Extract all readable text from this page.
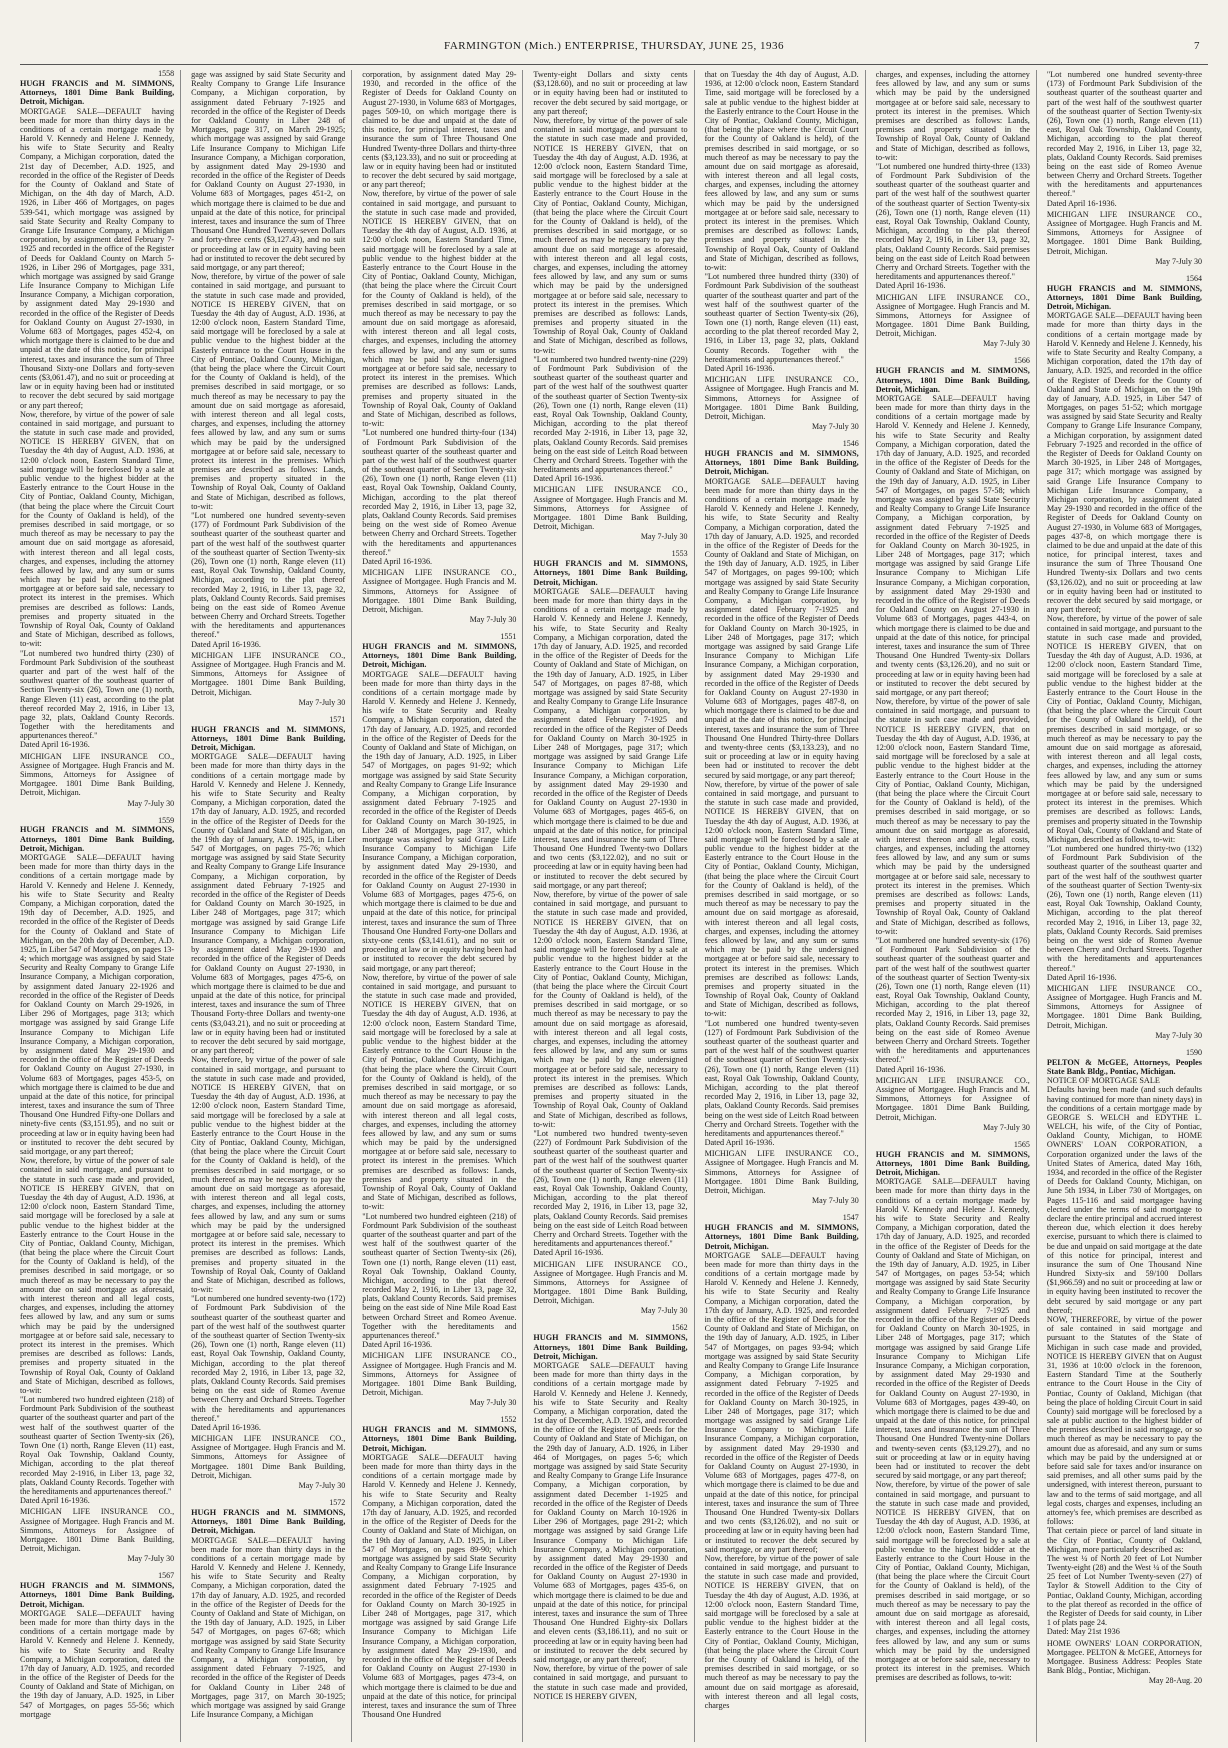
FARMINGTON (Mich.) ENTERPRISE, THURSDAY, JUNE 25, 1936	7
1558
HUGH FRANCIS and M. SIMMONS, Attorneys, 1801 Dime Bank Building, Detroit, Michigan.

MORTGAGE SALE—DEFAULT having been made for more than thirty days in the conditions of a certain mortgage made by Harold V. Kennedy and Helene J. Kennedy, his wife to State Security and Realty Company, a Michigan corporation, dated the 21st day of December, A.D. 1925, and recorded in the office of the Register of Deeds for the County of Oakland and State of Michigan, on the 4th day of March, A.D. 1926, in Liber 466 of Mortgages, on pages 539-541, which mortgage was assigned by said State Security and Realty Company to Grange Life Insurance Company, a Michigan corporation, by assignment dated February 7-1925 and recorded in the office of the Register of Deeds for Oakland County on March 5-1926, in Liber 296 of Mortgages, page 331, which mortgage was assigned by said Grange Life Insurance Company to Michigan Life Insurance Company, a Michigan corporation, by assignment dated May 29-1930 and recorded in the office of the Register of Deeds for Oakland County on August 27-1930, in Volume 683 of Mortgages, pages 452-4, on which mortgage there is claimed to be due and unpaid at the date of this notice, for principal interest, taxes and insurance the sum of Three Thousand Sixty-one Dollars and forty-seven cents ($3,061.47), and no suit or proceeding at law or in equity having been had or instituted to recover the debt secured by said mortgage or any part thereof;
Now, therefore, by virtue of the power of sale contained in said mortgage, and pursuant to the statute in such case made and provided, NOTICE IS HEREBY GIVEN, that on Tuesday the 4th day of August, A.D. 1936, at 12:00 o'clock noon, Eastern Standard Time, said mortgage will be foreclosed by a sale at public vendue to the highest bidder at the Easterly entrance to the Court House in the City of Pontiac, Oakland County, Michigan, (that being the place where the Circuit Court for the County of Oakland is held), of the premises described in said mortgage, or so much thereof as may be necessary to pay the amount due on said mortgage as aforesaid, with interest thereon and all legal costs, charges, and expenses, including the attorney fees allowed by law, and any sum or sums which may be paid by the undersigned mortgagee at or before said sale, necessary to protect its interest in the premises. Which premises are described as follows: Lands, premises and property situated in the Township of Royal Oak, County of Oakland and State of Michigan, described as follows, to-wit:
"Lot numbered two hundred thirty (230) of Fordmount Park Subdivision of the southeast quarter and part of the west half of the southwest quarter of the southeast quarter of Section Twenty-six (26), Town one (1) north, Range Eleven (11) east, according to the plat thereof recorded May 2, 1916, in Liber 13, page 32, plats, Oakland County Records. Together with the hereditaments and appurtenances thereof."
Dated April 16-1936.

MICHIGAN LIFE INSURANCE CO., Assignee of Mortgagee. Hugh Francis and M. Simmons, Attorneys for Assignee of Mortgagee. 1801 Dime Bank Building, Detroit, Michigan.

May 7-July 30
1559
HUGH FRANCIS and M. SIMMONS, Attorneys, 1801 Dime Bank Building, Detroit, Michigan.

MORTGAGE SALE—DEFAULT having been made for more than thirty days in the conditions of a certain mortgage made by Harold V. Kennedy and Helene J. Kennedy, his wife to State Security and Realty Company, a Michigan corporation, dated the 19th day of December, A.D. 1925, and recorded in the office of the Register of Deeds for the County of Oakland and State of Michigan, on the 20th day of December, A.D. 1925, in Liber 547 of Mortgages, on pages 13-4; which mortgage was assigned by said State Security and Realty Company to Grange Life Insurance Company, a Michigan corporation, by assignment dated January 22-1926 and recorded in the office of the Register of Deeds for Oakland County on March 29-1926, in Liber 296 of Mortgages, page 313; which mortgage was assigned by said Grange Life Insurance Company to Michigan Life Insurance Company, a Michigan corporation, by assignment dated May 29-1930 and recorded in the office of the Register of Deeds for Oakland County on August 27-1930, in Volume 683 of Mortgages, pages 453-5, on which mortgage there is claimed to be due and unpaid at the date of this notice, for principal interest, taxes and insurance the sum of Three Thousand One Hundred Fifty-one Dollars and ninety-five cents ($3,151.95), and no suit or proceeding at law or in equity having been had or instituted to recover the debt secured by said mortgage, or any part thereof;
Now, therefore, by virtue of the power of sale contained in said mortgage, and pursuant to the statute in such case made and provided, NOTICE IS HEREBY GIVEN, that on Tuesday the 4th day of August, A.D. 1936, at 12:00 o'clock noon, Eastern Standard Time, said mortgage will be foreclosed by a sale at public vendue to the highest bidder at the Easterly entrance to the Court House in the City of Pontiac, Oakland County, Michigan, (that being the place where the Circuit Court for the County of Oakland is held), of the premises described in said mortgage, or so much thereof as may be necessary to pay the amount due on said mortgage as aforesaid, with interest thereon and all legal costs, charges, and expenses, including the attorney fees allowed by law, and any sum or sums which may be paid by the undersigned mortgagee at or before said sale, necessary to protect its interest in the premises. Which premises are described as follows: Lands, premises and property situated in the Township of Royal Oak, County of Oakland and State of Michigan, described as follows, to-wit:
"Lot numbered two hundred eighteen (218) of Fordmount Park Subdivision of the southeast quarter of the southeast quarter and part of the west half of the southwest quarter of the southeast quarter of Section Twenty-six (26), Town One (1) north, Range Eleven (11) east, Royal Oak Township, Oakland County, Michigan, according to the plat thereof recorded May 2-1916, in Liber 13, page 32, plats, Oakland County Records. Together with the hereditaments and appurtenances thereof."
Dated April 16-1936.

MICHIGAN LIFE INSURANCE CO., Assignee of Mortgagee. Hugh Francis and M. Simmons, Attorneys for Assignee of Mortgagee. 1801 Dime Bank Building, Detroit, Michigan.

May 7-July 30
1567
HUGH FRANCIS and M. SIMMONS, Attorneys, 1801 Dime Bank Building, Detroit, Michigan.

MORTGAGE SALE—DEFAULT having been made for more than thirty days in the conditions of a certain mortgage made by Harold V. Kennedy and Helene J. Kennedy, his wife to State Security and Realty Company, a Michigan corporation, dated the 17th day of January, A.D. 1925, and recorded in the office of the Register of Deeds for the County of Oakland and State of Michigan, on the 19th day of January, A.D. 1925, in Liber 547 of Mortgages, on pages 55-56; which mortgage

gage was assigned by said State Security and Realty Company to Grange Life Insurance Company, a Michigan corporation, by assignment dated February 7-1925 and recorded in the office of the Register of Deeds for Oakland County in Liber 248 of Mortgages, page 317, on March 29-1925; which mortgage was assigned by said Grange Life Insurance Company to Michigan Life Insurance Company, a Michigan corporation, by assignment dated May 29-1930 and recorded in the office of the Register of Deeds for Oakland County on August 27-1930, in Volume 683 of Mortgages, pages 451-2, on which mortgage there is claimed to be due and unpaid at the date of this notice, for principal interest, taxes and insurance the sum of Three Thousand One Hundred Twenty-seven Dollars and forty-three cents ($3,127.43), and no suit or proceeding at law or in equity having been had or instituted to recover the debt secured by said mortgage, or any part thereof;
Now, therefore, by virtue of the power of sale contained in said mortgage, and pursuant to the statute in such case made and provided, NOTICE IS HEREBY GIVEN, that on Tuesday the 4th day of August, A.D. 1936, at 12:00 o'clock noon, Eastern Standard Time, said mortgage will be foreclosed by a sale at public vendue to the highest bidder at the Easterly entrance to the Court House in the City of Pontiac, Oakland County, Michigan, (that being the place where the Circuit Court for the County of Oakland is held), of the premises described in said mortgage, or so much thereof as may be necessary to pay the amount due on said mortgage as aforesaid, with interest thereon and all legal costs, charges, and expenses, including the attorney fees allowed by law, and any sum or sums which may be paid by the undersigned mortgagee at or before said sale, necessary to protect its interest in the premises. Which premises are described as follows: Lands, premises and property situated in the Township of Royal Oak, County of Oakland and State of Michigan, described as follows, to-wit:
"Lot numbered one hundred seventy-seven (177) of Fordmount Park Subdivision of the southeast quarter of the southeast quarter and part of the west half of the southwest quarter of the southeast quarter of Section Twenty-six (26), Town one (1) north, Range eleven (11) east, Royal Oak Township, Oakland County, Michigan, according to the plat thereof recorded May 2, 1916, in Liber 13, page 32, plats, Oakland County Records. Said premises being on the east side of Romeo Avenue between Cherry and Orchard Streets. Together with the hereditaments and appurtenances thereof."
Dated April 16-1936.

MICHIGAN LIFE INSURANCE CO., Assignee of Mortgagee. Hugh Francis and M. Simmons, Attorneys for Assignee of Mortgagee. 1801 Dime Bank Building, Detroit, Michigan.

May 7-July 30
1571
HUGH FRANCIS and M. SIMMONS, Attorneys, 1801 Dime Bank Building, Detroit, Michigan.

MORTGAGE SALE—DEFAULT having been made for more than thirty days in the conditions of a certain mortgage made by Harold V. Kennedy and Helene J. Kennedy, his wife to State Security and Realty Company, a Michigan corporation, dated the 17th day of January, A.D. 1925, and recorded in the office of the Register of Deeds for the County of Oakland and State of Michigan, on the 19th day of January, A.D. 1925, in Liber 547 of Mortgages, on pages 75-76; which mortgage was assigned by said State Security and Realty Company to Grange Life Insurance Company, a Michigan corporation, by assignment dated February 7-1925 and recorded in the office of the Register of Deeds for Oakland County on March 30-1925, in Liber 248 of Mortgages, page 317; which mortgage was assigned by said Grange Life Insurance Company to Michigan Life Insurance Company, a Michigan corporation, by assignment dated May 29-1930 and recorded in the office of the Register of Deeds for Oakland County on August 27-1930, in Volume 683 of Mortgages, pages 475-6, on which mortgage there is claimed to be due and unpaid at the date of this notice, for principal interest, taxes and insurance the sum of Three Thousand Forty-three Dollars and twenty-one cents ($3,043.21), and no suit or proceeding at law or in equity having been had or instituted to recover the debt secured by said mortgage, or any part thereof;
Now, therefore, by virtue of the power of sale contained in said mortgage, and pursuant to the statute in such case made and provided, NOTICE IS HEREBY GIVEN, that on Tuesday the 4th day of August, A.D. 1936, at 12:00 o'clock noon, Eastern Standard Time, said mortgage will be foreclosed by a sale at public vendue to the highest bidder at the Easterly entrance to the Court House in the City of Pontiac, Oakland County, Michigan, (that being the place where the Circuit Court for the County of Oakland is held), of the premises described in said mortgage, or so much thereof as may be necessary to pay the amount due on said mortgage as aforesaid, with interest thereon and all legal costs, charges, and expenses, including the attorney fees allowed by law, and any sum or sums which may be paid by the undersigned mortgagee at or before said sale, necessary to protect its interest in the premises. Which premises are described as follows: Lands, premises and property situated in the Township of Royal Oak, County of Oakland and State of Michigan, described as follows, to-wit:
"Lot numbered one hundred seventy-two (172) of Fordmount Park Subdivision of the southeast quarter of the southeast quarter and part of the west half of the southwest quarter of the southeast quarter of Section Twenty-six (26), Town one (1) north, Range eleven (11) east, Royal Oak Township, Oakland County, Michigan, according to the plat thereof recorded May 2, 1916, in Liber 13, page 32, plats, Oakland County Records. Said premises being on the east side of Romeo Avenue between Cherry and Orchard Streets. Together with the hereditaments and appurtenances thereof."
Dated April 16-1936.

MICHIGAN LIFE INSURANCE CO., Assignee of Mortgagee. Hugh Francis and M. Simmons, Attorneys for Assignee of Mortgagee. 1801 Dime Bank Building, Detroit, Michigan.

May 7-July 30
1572
HUGH FRANCIS and M. SIMMONS, Attorneys, 1801 Dime Bank Building, Detroit, Michigan.

MORTGAGE SALE—DEFAULT having been made for more than thirty days in the conditions of a certain mortgage made by Harold V. Kennedy and Helene J. Kennedy, his wife to State Security and Realty Company, a Michigan corporation, dated the 17th day of January, A.D. 1925, and recorded in the office of the Register of Deeds for the County of Oakland and State of Michigan, on the 19th day of January, A.D. 1925, in Liber 547 of Mortgages, on pages 67-68; which mortgage was assigned by said State Security and Realty Company to Grange Life Insurance Company, a Michigan corporation, by assignment dated February 7-1925, and recorded in the office of the Register of Deeds for Oakland County in Liber 248 of Mortgages, page 317, on March 30-1925; which mortgage was assigned by said Grange Life Insurance Company, a Michigan

corporation, by assignment dated May 29-1930, and recorded in the office of the Register of Deeds for Oakland County on August 27-1930, in Volume 683 of Mortgages, pages 509-10, on which mortgage there is claimed to be due and unpaid at the date of this notice, for principal interest, taxes and insurance the sum of Three Thousand One Hundred Twenty-three Dollars and thirty-three cents ($3,123.33), and no suit or proceeding at law or in equity having been had or instituted to recover the debt secured by said mortgage, or any part thereof;
Now, therefore, by virtue of the power of sale contained in said mortgage, and pursuant to the statute in such case made and provided, NOTICE IS HEREBY GIVEN, that on Tuesday the 4th day of August, A.D. 1936, at 12:00 o'clock noon, Eastern Standard Time, said mortgage will be foreclosed by a sale at public vendue to the highest bidder at the Easterly entrance to the Court House in the City of Pontiac, Oakland County, Michigan, (that being the place where the Circuit Court for the County of Oakland is held), of the premises described in said mortgage, or so much thereof as may be necessary to pay the amount due on said mortgage as aforesaid, with interest thereon and all legal costs, charges, and expenses, including the attorney fees allowed by law, and any sum or sums which may be paid by the undersigned mortgagee at or before said sale, necessary to protect its interest in the premises. Which premises are described as follows: Lands, premises and property situated in the Township of Royal Oak, County of Oakland and State of Michigan, described as follows, to-wit:
"Lot numbered one hundred thirty-four (134) of Fordmount Park Subdivision of the southeast quarter of the southeast quarter and part of the west half of the southwest quarter of the southeast quarter of Section Twenty-six (26), Town one (1) north, Range eleven (11) east, Royal Oak Township, Oakland County, Michigan, according to the plat thereof recorded May 2, 1916, in Liber 13, page 32, plats, Oakland County Records. Said premises being on the west side of Romeo Avenue between Cherry and Orchard Streets. Together with the hereditaments and appurtenances thereof."
Dated April 16-1936.

MICHIGAN LIFE INSURANCE CO., Assignee of Mortgagee. Hugh Francis and M. Simmons, Attorneys for Assignee of Mortgagee. 1801 Dime Bank Building, Detroit, Michigan.

May 7-July 30
1551
HUGH FRANCIS and M. SIMMONS, Attorneys, 1801 Dime Bank Building, Detroit, Michigan.

MORTGAGE SALE—DEFAULT having been made for more than thirty days in the conditions of a certain mortgage made by Harold V. Kennedy and Helene J. Kennedy, his wife to State Security and Realty Company, a Michigan corporation, dated the 17th day of January, A.D. 1925, and recorded in the office of the Register of Deeds for the County of Oakland and State of Michigan, on the 19th day of January, A.D. 1925, in Liber 547 of Mortgages, on pages 91-92; which mortgage was assigned by said State Security and Realty Company to Grange Life Insurance Company, a Michigan corporation, by assignment dated February 7-1925 and recorded in the office of the Register of Deeds for Oakland County on March 30-1925, in Liber 248 of Mortgages, page 317, which mortgage was assigned by said Grange Life Insurance Company to Michigan Life Insurance Company, a Michigan corporation, by assignment dated May 29-1930, and recorded in the office of the Register of Deeds for Oakland County on August 27-1930 in Volume 683 of Mortgages, pages 475-6, on which mortgage there is claimed to be due and unpaid at the date of this notice, for principal interest, taxes and insurance the sum of Three Thousand One Hundred Forty-one Dollars and sixty-one cents ($3,141.61), and no suit or proceeding at law or in equity having been had or instituted to recover the debt secured by said mortgage, or any part thereof;
Now, therefore, by virtue of the power of sale contained in said mortgage, and pursuant to the statute in such case made and provided, NOTICE IS HEREBY GIVEN, that on Tuesday the 4th day of August, A.D. 1936, at 12:00 o'clock noon, Eastern Standard Time, said mortgage will be foreclosed by a sale at public vendue to the highest bidder at the Easterly entrance to the Court House in the City of Pontiac, Oakland County, Michigan, (that being the place where the Circuit Court for the County of Oakland is held), of the premises described in said mortgage, or so much thereof as may be necessary to pay the amount due on said mortgage as aforesaid, with interest thereon and all legal costs, charges, and expenses, including the attorney fees allowed by law, and any sum or sums which may be paid by the undersigned mortgagee at or before said sale, necessary to protect its interest in the premises. Which premises are described as follows: Lands, premises and property situated in the Township of Royal Oak, County of Oakland and State of Michigan, described as follows, to-wit:
"Lot numbered two hundred eighteen (218) of Fordmount Park Subdivision of the southeast quarter of the southeast quarter and part of the west half of the southwest quarter of the southeast quarter of Section Twenty-six (26), Town one (1) north, Range eleven (11) east, Royal Oak Township, Oakland County, Michigan, according to the plat thereof recorded May 2, 1916, in Liber 13, page 32, plats, Oakland County Records. Said premises being on the east side of Nine Mile Road East between Orchard Street and Romeo Avenue. Together with the hereditaments and appurtenances thereof."
Dated April 16-1936.

MICHIGAN LIFE INSURANCE CO., Assignee of Mortgagee. Hugh Francis and M. Simmons, Attorneys for Assignee of Mortgagee. 1801 Dime Bank Building, Detroit, Michigan.

May 7-July 30
1552
HUGH FRANCIS and M. SIMMONS, Attorneys, 1801 Dime Bank Building, Detroit, Michigan.

MORTGAGE SALE—DEFAULT having been made for more than thirty days in the conditions of a certain mortgage made by Harold V. Kennedy and Helene J. Kennedy, his wife to State Security and Realty Company, a Michigan corporation, dated the 17th day of January, A.D. 1925, and recorded in the office of the Register of Deeds for the County of Oakland and State of Michigan, on the 19th day of January, A.D. 1925, in Liber 547 of Mortgages, on pages 89-90; which mortgage was assigned by said State Security and Realty Company to Grange Life Insurance Company, a Michigan corporation, by assignment dated February 7-1925 and recorded in the office of the Register of Deeds for Oakland County on March 30-1925 in Liber 248 of Mortgages, page 317, which mortgage was assigned by said Grange Life Insurance Company to Michigan Life Insurance Company, a Michigan corporation, by assignment dated May 29-1930, and recorded in the office of the Register of Deeds for Oakland County on August 27-1930 in Volume 683 of Mortgages, pages 473-4, on which mortgage there is claimed to be due and unpaid at the date of this notice, for principal interest, taxes and insurance the sum of Three Thousand One Hundred

Twenty-eight Dollars and sixty cents ($3,128.60), and no suit or proceeding at law or in equity having been had or instituted to recover the debt secured by said mortgage, or any part thereof;
Now, therefore, by virtue of the power of sale contained in said mortgage, and pursuant to the statute in such case made and provided, NOTICE IS HEREBY GIVEN, that on Tuesday the 4th day of August, A.D. 1936, at 12:00 o'clock noon, Eastern Standard Time, said mortgage will be foreclosed by a sale at public vendue to the highest bidder at the Easterly entrance to the Court House in the City of Pontiac, Oakland County, Michigan, (that being the place where the Circuit Court for the County of Oakland is held), of the premises described in said mortgage, or so much thereof as may be necessary to pay the amount due on said mortgage as aforesaid, with interest thereon and all legal costs, charges, and expenses, including the attorney fees allowed by law, and any sum or sums which may be paid by the undersigned mortgagee at or before said sale, necessary to protect its interest in the premises. Which premises are described as follows: Lands, premises and property situated in the Township of Royal Oak, County of Oakland and State of Michigan, described as follows, to-wit:
"Lot numbered two hundred twenty-nine (229) of Fordmount Park Subdivision of the southeast quarter of the southeast quarter and part of the west half of the southwest quarter of the southeast quarter of Section Twenty-six (26), Town one (1) north, Range eleven (11) east, Royal Oak Township, Oakland County, Michigan, according to the plat thereof recorded May 2-1916, in Liber 13, page 32, plats, Oakland County Records. Said premises being on the east side of Leitch Road between Cherry and Orchard Streets. Together with the hereditaments and appurtenances thereof."
Dated April 16-1936.

MICHIGAN LIFE INSURANCE CO., Assignee of Mortgagee. Hugh Francis and M. Simmons, Attorneys for Assignee of Mortgagee. 1801 Dime Bank Building, Detroit, Michigan.

May 7-July 30
1553
HUGH FRANCIS and M. SIMMONS, Attorneys, 1801 Dime Bank Building, Detroit, Michigan.

MORTGAGE SALE—DEFAULT having been made for more than thirty days in the conditions of a certain mortgage made by Harold V. Kennedy and Helene J. Kennedy, his wife, to State Security and Realty Company, a Michigan corporation, dated the 17th day of January, A.D. 1925, and recorded in the office of the Register of Deeds for the County of Oakland and State of Michigan, on the 19th day of January, A.D. 1925, in Liber 547 of Mortgages, on pages 87-88, which mortgage was assigned by said State Security and Realty Company to Grange Life Insurance Company, a Michigan corporation, by assignment dated February 7-1925 and recorded in the office of the Register of Deeds for Oakland County on March 30-1925 in Liber 248 of Mortgages, page 317; which mortgage was assigned by said Grange Life Insurance Company to Michigan Life Insurance Company, a Michigan corporation, by assignment dated May 29-1930 and recorded in the office of the Register of Deeds for Oakland County on August 27-1930 in Volume 683 of Mortgages, pages 465-6, on which mortgage there is claimed to be due and unpaid at the date of this notice, for principal interest, taxes and insurance the sum of Three Thousand One Hundred Twenty-two Dollars and two cents ($3,122.02), and no suit or proceeding at law or in equity having been had or instituted to recover the debt secured by said mortgage, or any part thereof;
Now, therefore, by virtue of the power of sale contained in said mortgage, and pursuant to the statute in such case made and provided, NOTICE IS HEREBY GIVEN, that on Tuesday the 4th day of August, A.D. 1936, at 12:00 o'clock noon, Eastern Standard Time, said mortgage will be foreclosed by a sale at public vendue to the highest bidder at the Easterly entrance to the Court House in the City of Pontiac, Oakland County, Michigan, (that being the place where the Circuit Court for the County of Oakland is held), of the premises described in said mortgage, or so much thereof as may be necessary to pay the amount due on said mortgage as aforesaid, with interest thereon and all legal costs, charges, and expenses, including the attorney fees allowed by law, and any sum or sums which may be paid by the undersigned mortgagee at or before said sale, necessary to protect its interest in the premises. Which premises are described as follows: Lands, premises and property situated in the Township of Royal Oak, County of Oakland and State of Michigan, described as follows, to-wit:
"Lot numbered two hundred twenty-seven (227) of Fordmount Park Subdivision of the southeast quarter of the southeast quarter and part of the west half of the southwest quarter of the southeast quarter of Section Twenty-six (26), Town one (1) north, Range eleven (11) east, Royal Oak Township, Oakland County, Michigan, according to the plat thereof recorded May 2, 1916, in Liber 13, page 32, plats, Oakland County Records. Said premises being on the east side of Leitch Road between Cherry and Orchard Streets. Together with the hereditaments and appurtenances thereof."
Dated April 16-1936.

MICHIGAN LIFE INSURANCE CO., Assignee of Mortgagee. Hugh Francis and M. Simmons, Attorneys for Assignee of Mortgagee. 1801 Dime Bank Building, Detroit, Michigan.

May 7-July 30
1562
HUGH FRANCIS and M. SIMMONS, Attorneys, 1801 Dime Bank Building, Detroit, Michigan.

MORTGAGE SALE—DEFAULT having been made for more than thirty days in the conditions of a certain mortgage made by Harold V. Kennedy and Helene J. Kennedy, his wife to State Security and Realty Company, a Michigan corporation, dated the 1st day of December, A.D. 1925, and recorded in the office of the Register of Deeds for the County of Oakland and State of Michigan, on the 29th day of January, A.D. 1926, in Liber 464 of Mortgages, on pages 5-6; which mortgage was assigned by said State Security and Realty Company to Grange Life Insurance Company, a Michigan corporation, by assignment dated December 1-1925 and recorded in the office of the Register of Deeds for Oakland County on March 10-1926 in Liber 296 of Mortgages, page 291-2; which mortgage was assigned by said Grange Life Insurance Company to Michigan Life Insurance Company, a Michigan corporation, by assignment dated May 29-1930 and recorded in the office of the Register of Deeds for Oakland County on August 27-1930 in Volume 683 of Mortgages, pages 435-6, on which mortgage there is claimed to be due and unpaid at the date of this notice, for principal interest, taxes and insurance the sum of Three Thousand One Hundred Eighty-six Dollars and eleven cents ($3,186.11), and no suit or proceeding at law or in equity having been had or instituted to recover the debt secured by said mortgage, or any part thereof;
Now, therefore, by virtue of the power of sale contained in said mortgage, and pursuant to the statute in such case made and provided, NOTICE IS HEREBY GIVEN,

that on Tuesday the 4th day of August, A.D. 1936, at 12:00 o'clock noon, Eastern Standard Time, said mortgage will be foreclosed by a sale at public vendue to the highest bidder at the Easterly entrance to the Court House in the City of Pontiac, Oakland County, Michigan, (that being the place where the Circuit Court for the County of Oakland is held), of the premises described in said mortgage, or so much thereof as may be necessary to pay the amount due on said mortgage as aforesaid, with interest thereon and all legal costs, charges, and expenses, including the attorney fees allowed by law, and any sum or sums which may be paid by the undersigned mortgagee at or before said sale, necessary to protect its interest in the premises. Which premises are described as follows: Lands, premises and property situated in the Township of Royal Oak, County of Oakland and State of Michigan, described as follows, to-wit:
"Lot numbered three hundred thirty (330) of Fordmount Park Subdivision of the southeast quarter of the southeast quarter and part of the west half of the southwest quarter of the southeast quarter of Section Twenty-six (26), Town one (1) north, Range eleven (11) east, according to the plat thereof recorded May 2, 1916, in Liber 13, page 32, plats, Oakland County Records. Together with the hereditaments and appurtenances thereof."
Dated April 16-1936.

MICHIGAN LIFE INSURANCE CO., Assignee of Mortgagee. Hugh Francis and M. Simmons, Attorneys for Assignee of Mortgagee. 1801 Dime Bank Building, Detroit, Michigan.

May 7-July 30
1546
HUGH FRANCIS and M. SIMMONS, Attorneys, 1801 Dime Bank Building, Detroit, Michigan.

MORTGAGE SALE—DEFAULT having been made for more than thirty days in the conditions of a certain mortgage made by Harold V. Kennedy and Helene J. Kennedy, his wife, to State Security and Realty Company, a Michigan corporation, dated the 17th day of January, A.D. 1925, and recorded in the office of the Register of Deeds for the County of Oakland and State of Michigan, on the 19th day of January, A.D. 1925, in Liber 547 of Mortgages, on pages 99-100; which mortgage was assigned by said State Security and Realty Company to Grange Life Insurance Company, a Michigan corporation, by assignment dated February 7-1925 and recorded in the office of the Register of Deeds for Oakland County on March 30-1925, in Liber 248 of Mortgages, page 317; which mortgage was assigned by said Grange Life Insurance Company to Michigan Life Insurance Company, a Michigan corporation, by assignment dated May 29-1930 and recorded in the office of the Register of Deeds for Oakland County on August 27-1930 in Volume 683 of Mortgages, pages 487-8, on which mortgage there is claimed to be due and unpaid at the date of this notice, for principal interest, taxes and insurance the sum of Three Thousand One Hundred Thirty-three Dollars and twenty-three cents ($3,133.23), and no suit or proceeding at law or in equity having been had or instituted to recover the debt secured by said mortgage, or any part thereof;
Now, therefore, by virtue of the power of sale contained in said mortgage, and pursuant to the statute in such case made and provided, NOTICE IS HEREBY GIVEN, that on Tuesday the 4th day of August, A.D. 1936, at 12:00 o'clock noon, Eastern Standard Time, said mortgage will be foreclosed by a sale at public vendue to the highest bidder at the Easterly entrance to the Court House in the City of Pontiac, Oakland County, Michigan, (that being the place where the Circuit Court for the County of Oakland is held), of the premises described in said mortgage, or so much thereof as may be necessary to pay the amount due on said mortgage as aforesaid, with interest thereon and all legal costs, charges, and expenses, including the attorney fees allowed by law, and any sum or sums which may be paid by the undersigned mortgagee at or before said sale, necessary to protect its interest in the premises. Which premises are described as follows: Lands, premises and property situated in the Township of Royal Oak, County of Oakland and State of Michigan, described as follows, to-wit:
"Lot numbered one hundred twenty-seven (127) of Fordmount Park Subdivision of the southeast quarter of the southeast quarter and part of the west half of the southwest quarter of the southeast quarter of Section Twenty-six (26), Town one (1) north, Range eleven (11) east, Royal Oak Township, Oakland County, Michigan, according to the plat thereof recorded May 2, 1916, in Liber 13, page 32, plats, Oakland County Records. Said premises being on the west side of Leitch Road between Cherry and Orchard Streets. Together with the hereditaments and appurtenances thereof."
Dated April 16-1936.

MICHIGAN LIFE INSURANCE CO., Assignee of Mortgagee. Hugh Francis and M. Simmons, Attorneys for Assignee of Mortgagee. 1801 Dime Bank Building, Detroit, Michigan.

May 7-July 30
1547
HUGH FRANCIS and M. SIMMONS, Attorneys, 1801 Dime Bank Building, Detroit, Michigan.

MORTGAGE SALE—DEFAULT having been made for more than thirty days in the conditions of a certain mortgage made by Harold V. Kennedy and Helene J. Kennedy, his wife to State Security and Realty Company, a Michigan corporation, dated the 17th day of January, A.D. 1925, and recorded in the office of the Register of Deeds for the County of Oakland and State of Michigan, on the 19th day of January, A.D. 1925, in Liber 547 of Mortgages, on pages 93-94; which mortgage was assigned by said State Security and Realty Company to Grange Life Insurance Company, a Michigan corporation, by assignment dated February 7-1925 and recorded in the office of the Register of Deeds for Oakland County on March 30-1925, in Liber 248 of Mortgages, page 317; which mortgage was assigned by said Grange Life Insurance Company to Michigan Life Insurance Company, a Michigan corporation, by assignment dated May 29-1930 and recorded in the office of the Register of Deeds for Oakland County on August 27-1930, in Volume 683 of Mortgages, pages 477-8, on which mortgage there is claimed to be due and unpaid at the date of this notice, for principal interest, taxes and insurance the sum of Three Thousand One Hundred Twenty-six Dollars and two cents ($3,126.02), and no suit or proceeding at law or in equity having been had or instituted to recover the debt secured by said mortgage, or any part thereof;
Now, therefore, by virtue of the power of sale contained in said mortgage, and pursuant to the statute in such case made and provided, NOTICE IS HEREBY GIVEN, that on Tuesday the 4th day of August, A.D. 1936, at 12:00 o'clock noon, Eastern Standard Time, said mortgage will be foreclosed by a sale at public vendue to the highest bidder at the Easterly entrance to the Court House in the City of Pontiac, Oakland County, Michigan, (that being the place where the Circuit Court for the County of Oakland is held), of the premises described in said mortgage, or so much thereof as may be necessary to pay the amount due on said mortgage as aforesaid, with interest thereon and all legal costs, charges

charges, and expenses, including the attorney fees allowed by law, and any sum or sums which may be paid by the undersigned mortgagee at or before said sale, necessary to protect its interest in the premises. Which premises are described as follows: Lands, premises and property situated in the Township of Royal Oak, County of Oakland and State of Michigan, described as follows, to-wit:
"Lot numbered one hundred thirty-three (133) of Fordmount Park Subdivision of the southeast quarter of the southeast quarter and part of the west half of the southwest quarter of the southeast quarter of Section Twenty-six (26), Town one (1) north, Range eleven (11) east, Royal Oak Township, Oakland County, Michigan, according to the plat thereof recorded May 2, 1916, in Liber 13, page 32, plats, Oakland County Records. Said premises being on the east side of Leitch Road between Cherry and Orchard Streets. Together with the hereditaments and appurtenances thereof."
Dated April 16-1936.

MICHIGAN LIFE INSURANCE CO., Assignee of Mortgagee. Hugh Francis and M. Simmons, Attorneys for Assignee of Mortgagee. 1801 Dime Bank Building, Detroit, Michigan.

May 7-July 30
1566
HUGH FRANCIS and M. SIMMONS, Attorneys, 1801 Dime Bank Building, Detroit, Michigan.

MORTGAGE SALE—DEFAULT having been made for more than thirty days in the conditions of a certain mortgage made by Harold V. Kennedy and Helene J. Kennedy, his wife to State Security and Realty Company, a Michigan corporation, dated the 17th day of January, A.D. 1925, and recorded in the office of the Register of Deeds for the County of Oakland and State of Michigan, on the 19th day of January, A.D. 1925, in Liber 547 of Mortgages, on pages 57-58; which mortgage was assigned by said State Security and Realty Company to Grange Life Insurance Company, a Michigan corporation, by assignment dated February 7-1925 and recorded in the office of the Register of Deeds for Oakland County on March 30-1925, in Liber 248 of Mortgages, page 317; which mortgage was assigned by said Grange Life Insurance Company to Michigan Life Insurance Company, a Michigan corporation, by assignment dated May 29-1930 and recorded in the office of the Register of Deeds for Oakland County on August 27-1930 in Volume 683 of Mortgages, pages 443-4, on which mortgage there is claimed to be due and unpaid at the date of this notice, for principal interest, taxes and insurance the sum of Three Thousand One Hundred Twenty-six Dollars and twenty cents ($3,126.20), and no suit or proceeding at law or in equity having been had or instituted to recover the debt secured by said mortgage, or any part thereof;
Now, therefore, by virtue of the power of sale contained in said mortgage, and pursuant to the statute in such case made and provided, NOTICE IS HEREBY GIVEN, that on Tuesday the 4th day of August, A.D. 1936, at 12:00 o'clock noon, Eastern Standard Time, said mortgage will be foreclosed by a sale at public vendue to the highest bidder at the Easterly entrance to the Court House in the City of Pontiac, Oakland County, Michigan, (that being the place where the Circuit Court for the County of Oakland is held), of the premises described in said mortgage, or so much thereof as may be necessary to pay the amount due on said mortgage as aforesaid, with interest thereon and all legal costs, charges, and expenses, including the attorney fees allowed by law, and any sum or sums which may be paid by the undersigned mortgagee at or before said sale, necessary to protect its interest in the premises. Which premises are described as follows: Lands, premises and property situated in the Township of Royal Oak, County of Oakland and State of Michigan, described as follows, to-wit:
"Lot numbered one hundred seventy-six (176) of Fordmount Park Subdivision of the southeast quarter of the southeast quarter and part of the west half of the southwest quarter of the southeast quarter of Section Twenty-six (26), Town one (1) north, Range eleven (11) east, Royal Oak Township, Oakland County, Michigan, according to the plat thereof recorded May 2, 1916, in Liber 13, page 32, plats, Oakland County Records. Said premises being on the east side of Romeo Avenue between Cherry and Orchard Streets. Together with the hereditaments and appurtenances thereof."
Dated April 16-1936.

MICHIGAN LIFE INSURANCE CO., Assignee of Mortgagee. Hugh Francis and M. Simmons, Attorneys for Assignee of Mortgagee. 1801 Dime Bank Building, Detroit, Michigan.

May 7-July 30
1565
HUGH FRANCIS and M. SIMMONS, Attorneys, 1801 Dime Bank Building, Detroit, Michigan.

MORTGAGE SALE—DEFAULT having been made for more than thirty days in the conditions of a certain mortgage made by Harold V. Kennedy and Helene J. Kennedy, his wife to State Security and Realty Company, a Michigan corporation, dated the 17th day of January, A.D. 1925, and recorded in the office of the Register of Deeds for the County of Oakland and State of Michigan, on the 19th day of January, A.D. 1925, in Liber 547 of Mortgages, on pages 53-54; which mortgage was assigned by said State Security and Realty Company to Grange Life Insurance Company, a Michigan corporation, by assignment dated February 7-1925 and recorded in the office of the Register of Deeds for Oakland County on March 30-1925, in Liber 248 of Mortgages, page 317; which mortgage was assigned by said Grange Life Insurance Company to Michigan Life Insurance Company, a Michigan corporation, by assignment dated May 29-1930 and recorded in the office of the Register of Deeds for Oakland County on August 27-1930, in Volume 683 of Mortgages, pages 439-40, on which mortgage there is claimed to be due and unpaid at the date of this notice, for principal interest, taxes and insurance the sum of Three Thousand One Hundred Twenty-nine Dollars and twenty-seven cents ($3,129.27), and no suit or proceeding at law or in equity having been had or instituted to recover the debt secured by said mortgage, or any part thereof;
Now, therefore, by virtue of the power of sale contained in said mortgage, and pursuant to the statute in such case made and provided, NOTICE IS HEREBY GIVEN, that on Tuesday the 4th day of August, A.D. 1936, at 12:00 o'clock noon, Eastern Standard Time, said mortgage will be foreclosed by a sale at public vendue to the highest bidder at the Easterly entrance to the Court House in the City of Pontiac, Oakland County, Michigan, (that being the place where the Circuit Court for the County of Oakland is held), of the premises described in said mortgage, or so much thereof as may be necessary to pay the amount due on said mortgage as aforesaid, with interest thereon and all legal costs, charges, and expenses, including the attorney fees allowed by law, and any sum or sums which may be paid by the undersigned mortgagee at or before said sale, necessary to protect its interest in the premises. Which premises are described as follows, to-wit:

"Lot numbered one hundred seventy-three (173) of Fordmount Park Subdivision of the southeast quarter of the southeast quarter and part of the west half of the southwest quarter of the southeast quarter of Section Twenty-six (26), Town one (1) north, Range eleven (11) east, Royal Oak Township, Oakland County, Michigan, according to the plat thereof recorded May 2, 1916, in Liber 13, page 32, plats, Oakland County Records. Said premises being on the east side of Romeo Avenue between Cherry and Orchard Streets. Together with the hereditaments and appurtenances thereof."
Dated April 16-1936.

MICHIGAN LIFE INSURANCE CO., Assignee of Mortgagee. Hugh Francis and M. Simmons, Attorneys for Assignee of Mortgagee. 1801 Dime Bank Building, Detroit, Michigan.

May 7-July 30
1564
HUGH FRANCIS and M. SIMMONS, Attorneys, 1801 Dime Bank Building, Detroit, Michigan.

MORTGAGE SALE—DEFAULT having been made for more than thirty days in the conditions of a certain mortgage made by Harold V. Kennedy and Helene J. Kennedy, his wife to State Security and Realty Company, a Michigan corporation, dated the 17th day of January, A.D. 1925, and recorded in the office of the Register of Deeds for the County of Oakland and State of Michigan, on the 19th day of January, A.D. 1925, in Liber 547 of Mortgages, on pages 51-52; which mortgage was assigned by said State Security and Realty Company to Grange Life Insurance Company, a Michigan corporation, by assignment dated February 7-1925 and recorded in the office of the Register of Deeds for Oakland County on March 30-1925, in Liber 248 of Mortgages, page 317; which mortgage was assigned by said Grange Life Insurance Company to Michigan Life Insurance Company, a Michigan corporation, by assignment dated May 29-1930 and recorded in the office of the Register of Deeds for Oakland County on August 27-1930, in Volume 683 of Mortgages, pages 437-8, on which mortgage there is claimed to be due and unpaid at the date of this notice, for principal interest, taxes and insurance the sum of Three Thousand One Hundred Twenty-six Dollars and two cents ($3,126.02), and no suit or proceeding at law or in equity having been had or instituted to recover the debt secured by said mortgage, or any part thereof;
Now, therefore, by virtue of the power of sale contained in said mortgage, and pursuant to the statute in such case made and provided, NOTICE IS HEREBY GIVEN, that on Tuesday the 4th day of August, A.D. 1936, at 12:00 o'clock noon, Eastern Standard Time, said mortgage will be foreclosed by a sale at public vendue to the highest bidder at the Easterly entrance to the Court House in the City of Pontiac, Oakland County, Michigan, (that being the place where the Circuit Court for the County of Oakland is held), of the premises described in said mortgage, or so much thereof as may be necessary to pay the amount due on said mortgage as aforesaid, with interest thereon and all legal costs, charges, and expenses, including the attorney fees allowed by law, and any sum or sums which may be paid by the undersigned mortgagee at or before said sale, necessary to protect its interest in the premises. Which premises are described as follows: Lands, premises and property situated in the Township of Royal Oak, County of Oakland and State of Michigan, described as follows, to-wit:
"Lot numbered one hundred thirty-two (132) of Fordmount Park Subdivision of the southeast quarter of the southeast quarter and part of the west half of the southwest quarter of the southeast quarter of Section Twenty-six (26), Town one (1) north, Range eleven (11) east, Royal Oak Township, Oakland County, Michigan, according to the plat thereof recorded May 2, 1916, in Liber 13, page 32, plats, Oakland County Records. Said premises being on the west side of Romeo Avenue between Cherry and Orchard Streets. Together with the hereditaments and appurtenances thereof."
Dated April 16-1936.

MICHIGAN LIFE INSURANCE CO., Assignee of Mortgagee. Hugh Francis and M. Simmons, Attorneys for Assignee of Mortgagee. 1801 Dime Bank Building, Detroit, Michigan.

May 7-July 30
1590
PELTON & McGEE, Attorneys, Peoples State Bank Bldg., Pontiac, Michigan.

NOTICE OF MORTGAGE SALE
Defaults having been made (and such defaults having continued for more than ninety days) in the conditions of a certain mortgage made by GEORGE S. WELCH and EDYTHE L. WELCH, his wife, of the City of Pontiac, Oakland County, Michigan, to HOME OWNERS' LOAN CORPORATION, a Corporation organized under the laws of the United States of America, dated May 16th, 1934, and recorded in the office of the Register of Deeds for Oakland County, Michigan, on June 5th 1934, in Liber 730 of Mortgages, on Pages 115-116 and said mortgagee having elected under the terms of said mortgage to declare the entire principal and accrued interest thereon due, which election it does hereby exercise, pursuant to which there is claimed to be due and unpaid on said mortgage at the date of this notice for principal, interest and insurance the sum of One Thousand Nine Hundred Sixty-six and 59/100 Dollars ($1,966.59) and no suit or proceeding at law or in equity having been instituted to recover the debt secured by said mortgage or any part thereof;
NOW, THEREFORE, by virtue of the power of sale contained in said mortgage and pursuant to the Statutes of the State of Michigan in such case made and provided, NOTICE IS HEREBY GIVEN that on August 31, 1936 at 10:00 o'clock in the forenoon, Eastern Standard Time at the Southerly entrance to the Court House in the City of Pontiac, County of Oakland, Michigan (that being the place of holding Circuit Court in said County) said mortgage will be foreclosed by a sale at public auction to the highest bidder of the premises described in said mortgage, or so much thereof as may be necessary to pay the amount due as aforesaid, and any sum or sums which may be paid by the undersigned at or before said sale for taxes and/or insurance on said premises, and all other sums paid by the undersigned, with interest thereon, pursuant to law and to the terms of said mortgage, and all legal costs, charges and expenses, including an attorney's fee, which premises are described as follows:
That certain piece or parcel of land situate in the City of Pontiac, County of Oakland, Michigan, more particularly described as:
The west ¼ of North 20 feet of Lot Number Twenty-eight (28) and the West ¼ of the South 25 feet of Lot Number Twenty-seven (27) of Taylor & Stowell Addition to the City of Pontiac, Oakland County, Michigan, according to the plat thereof as recorded in the office of the Register of Deeds for said county, in Liber 1 of plats page 24.
Dated: May 21st 1936

HOME OWNERS' LOAN CORPORATION, Mortgagee. PELTON & McGEE, Attorneys for Mortgagee. Business Address: Peoples State Bank Bldg., Pontiac, Michigan.

May 28-Aug. 20
